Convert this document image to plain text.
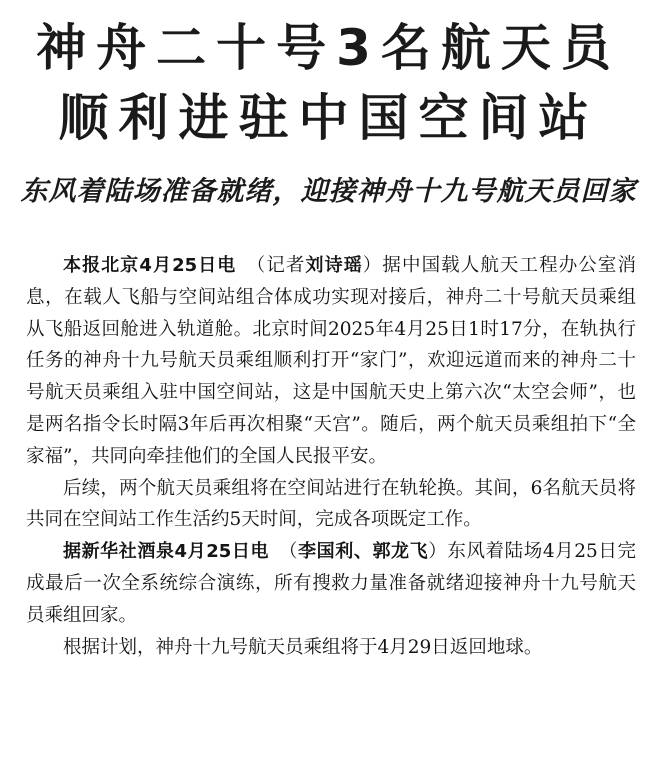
神舟二十号3名航天员
顺利进驻中国空间站
东风着陆场准备就绪，迎接神舟十九号航天员回家

本报北京4月25日电　 （记者刘诗瑶）据中国载人航天工程办公室消息，在载人飞船与空间站组合体成功实现对接后，神舟二十号航天员乘组从飞船返回舱进入轨道舱。北京时间2025年4月25日1时17分，在轨执行任务的神舟十九号航天员乘组顺利打开“家门”，欢迎远道而来的神舟二十号航天员乘组入驻中国空间站，这是中国航天史上第六次“太空会师”，也是两名指令长时隔3年后再次相聚“天宫”。随后，两个航天员乘组拍下“全家福”，共同向牵挂他们的全国人民报平安。

后续，两个航天员乘组将在空间站进行在轨轮换。其间，6名航天员将共同在空间站工作生活约5天时间，完成各项既定工作。

据新华社酒泉4月25日电　 （李国利、郭龙飞）东风着陆场4月25日完成最后一次全系统综合演练，所有搜救力量准备就绪迎接神舟十九号航天员乘组回家。

根据计划，神舟十九号航天员乘组将于4月29日返回地球。
